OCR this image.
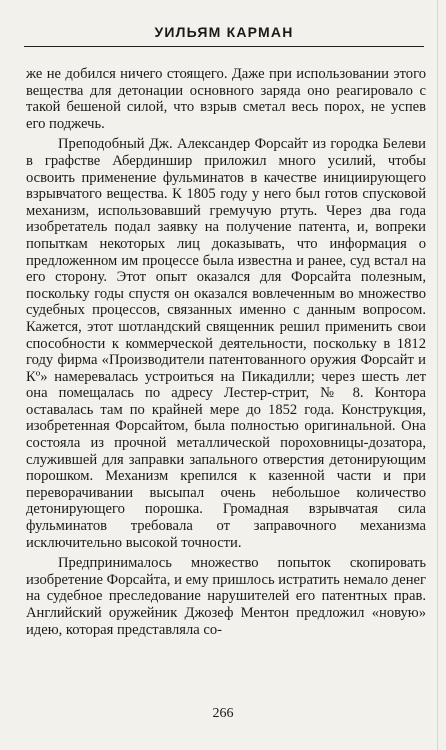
УИЛЬЯМ КАРМАН

же не добился ничего стоящего. Даже при использовании этого вещества для детонации основного заряда оно реагировало с такой бешеной силой, что взрыв сметал весь порох, не успев его поджечь.

Преподобный Дж. Александер Форсайт из городка Белеви в графстве Абердиншир приложил много усилий, чтобы освоить применение фульминатов в качестве инициирующего взрывчатого вещества. К 1805 году у него был готов спусковой механизм, использовавший гремучую ртуть. Через два года изобретатель подал заявку на получение патента, и, вопреки попыткам некоторых лиц доказывать, что информация о предложенном им процессе была известна и ранее, суд встал на его сторону. Этот опыт оказался для Форсайта полезным, поскольку годы спустя он оказался вовлеченным во множество судебных процессов, связанных именно с данным вопросом. Кажется, этот шотландский священник решил применить свои способности к коммерческой деятельности, поскольку в 1812 году фирма «Производители патентованного оружия Форсайт и Кº» намеревалась устроиться на Пикадилли; через шесть лет она помещалась по адресу Лестер-стрит, № 8. Контора оставалась там по крайней мере до 1852 года. Конструкция, изобретенная Форсайтом, была полностью оригинальной. Она состояла из прочной металлической пороховницы-дозатора, служившей для заправки запального отверстия детонирующим порошком. Механизм крепился к казенной части и при переворачивании высыпал очень небольшое количество детонирующего порошка. Громадная взрывчатая сила фульминатов требовала от заправочного механизма исключительно высокой точности.

Предпринималось множество попыток скопировать изобретение Форсайта, и ему пришлось истратить немало денег на судебное преследование нарушителей его патентных прав. Английский оружейник Джозеф Ментон предложил «новую» идею, которая представляла со-

266
